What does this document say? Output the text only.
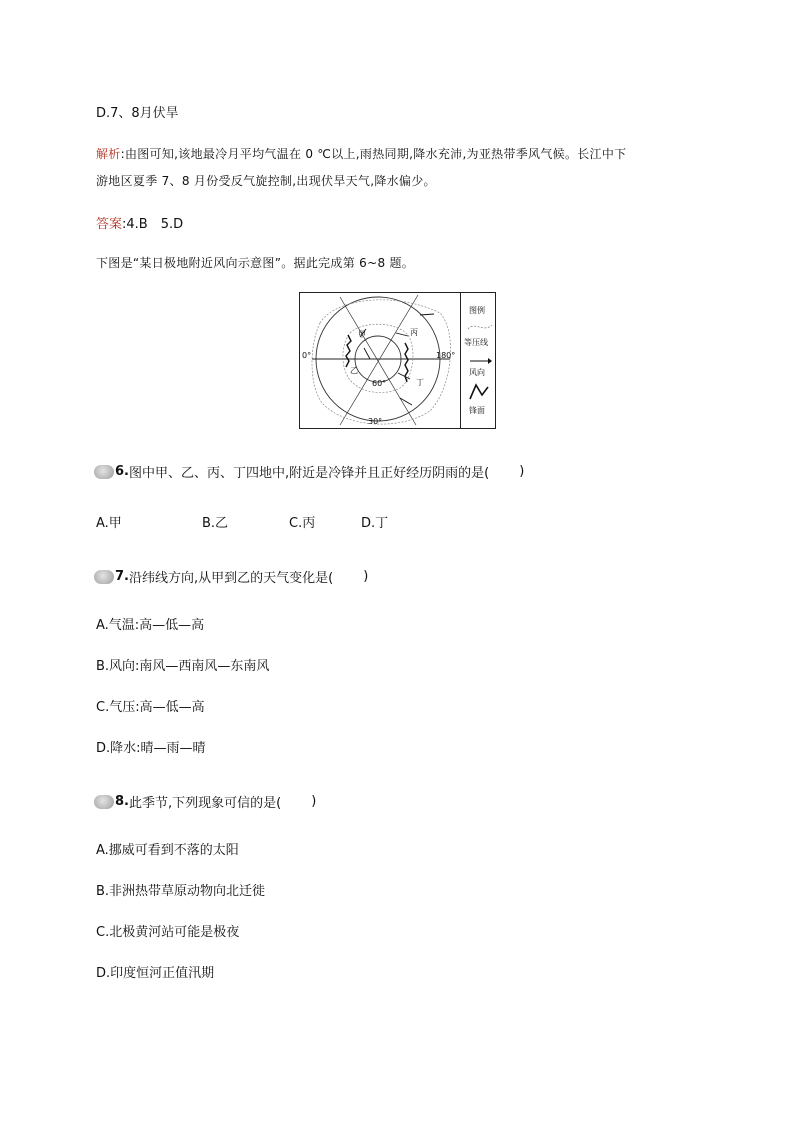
D.7、8月伏旱
解析:由图可知,该地最冷月平均气温在 0 ℃以上,雨热同期,降水充沛,为亚热带季风气候。长江中下
游地区夏季 7、8 月份受反气旋控制,出现伏旱天气,降水偏少。
答案:4.B　5.D
下图是“某日极地附近风向示意图”。据此完成第 6~8 题。
0°	180°
60°
30°
甲
乙
丙
丁
图例
等压线
风向
锋面
6. 图中甲、乙、丙、丁四地中,附近是冷锋并且正好经历阴雨的是( )
A.甲	B.乙	C.丙	D.丁
7. 沿纬线方向,从甲到乙的天气变化是( )
A.气温:高—低—高
B.风向:南风—西南风—东南风
C.气压:高—低—高
D.降水:晴—雨—晴
8. 此季节,下列现象可信的是( )
A.挪威可看到不落的太阳
B.非洲热带草原动物向北迁徙
C.北极黄河站可能是极夜
D.印度恒河正值汛期
